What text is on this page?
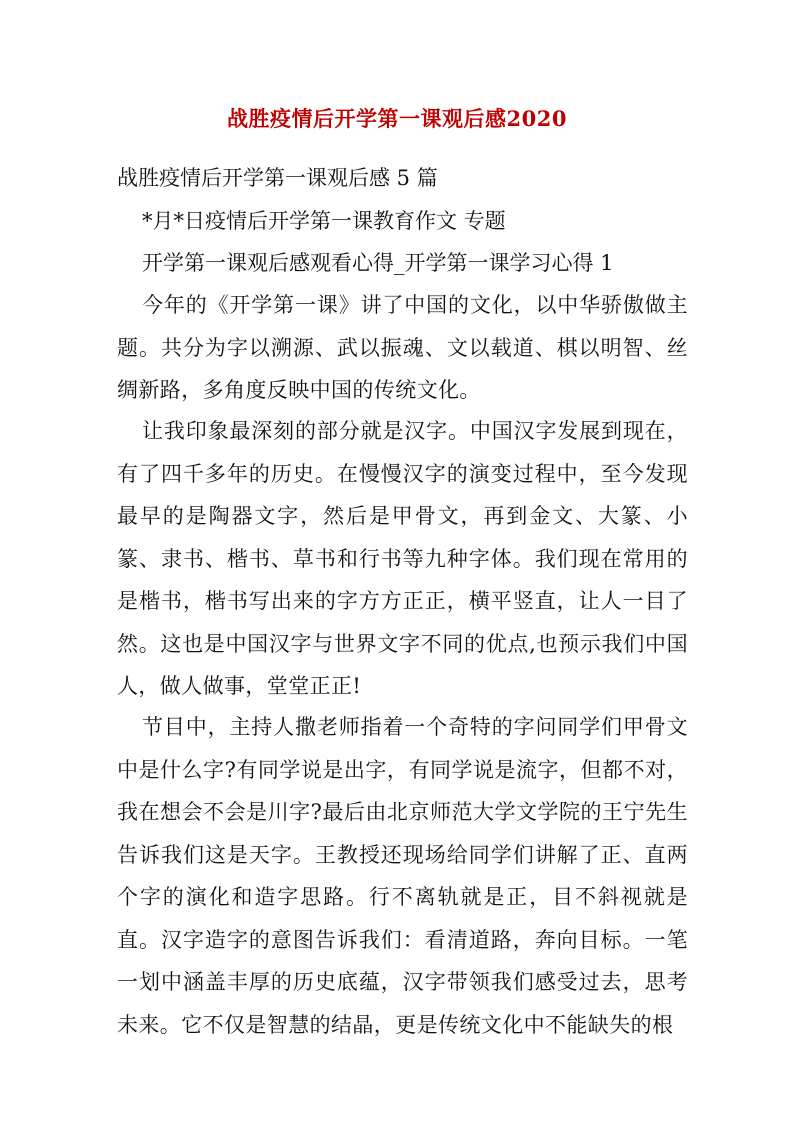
战胜疫情后开学第一课观后感2020
战胜疫情后开学第一课观后感 5 篇
*月*日疫情后开学第一课教育作文 专题
开学第一课观后感观看心得_开学第一课学习心得 1
今年的《开学第一课》讲了中国的文化，以中华骄傲做主题。共分为字以溯源、武以振魂、文以载道、棋以明智、丝绸新路，多角度反映中国的传统文化。
让我印象最深刻的部分就是汉字。中国汉字发展到现在，有了四千多年的历史。在慢慢汉字的演变过程中，至今发现最早的是陶器文字，然后是甲骨文，再到金文、大篆、小篆、隶书、楷书、草书和行书等九种字体。我们现在常用的是楷书，楷书写出来的字方方正正，横平竖直，让人一目了然。这也是中国汉字与世界文字不同的优点,也预示我们中国人，做人做事，堂堂正正!
节目中，主持人撒老师指着一个奇特的字问同学们甲骨文中是什么字?有同学说是出字，有同学说是流字，但都不对，我在想会不会是川字?最后由北京师范大学文学院的王宁先生告诉我们这是天字。王教授还现场给同学们讲解了正、直两个字的演化和造字思路。行不离轨就是正，目不斜视就是直。汉字造字的意图告诉我们：看清道路，奔向目标。一笔一划中涵盖丰厚的历史底蕴，汉字带领我们感受过去，思考未来。它不仅是智慧的结晶，更是传统文化中不能缺失的根
